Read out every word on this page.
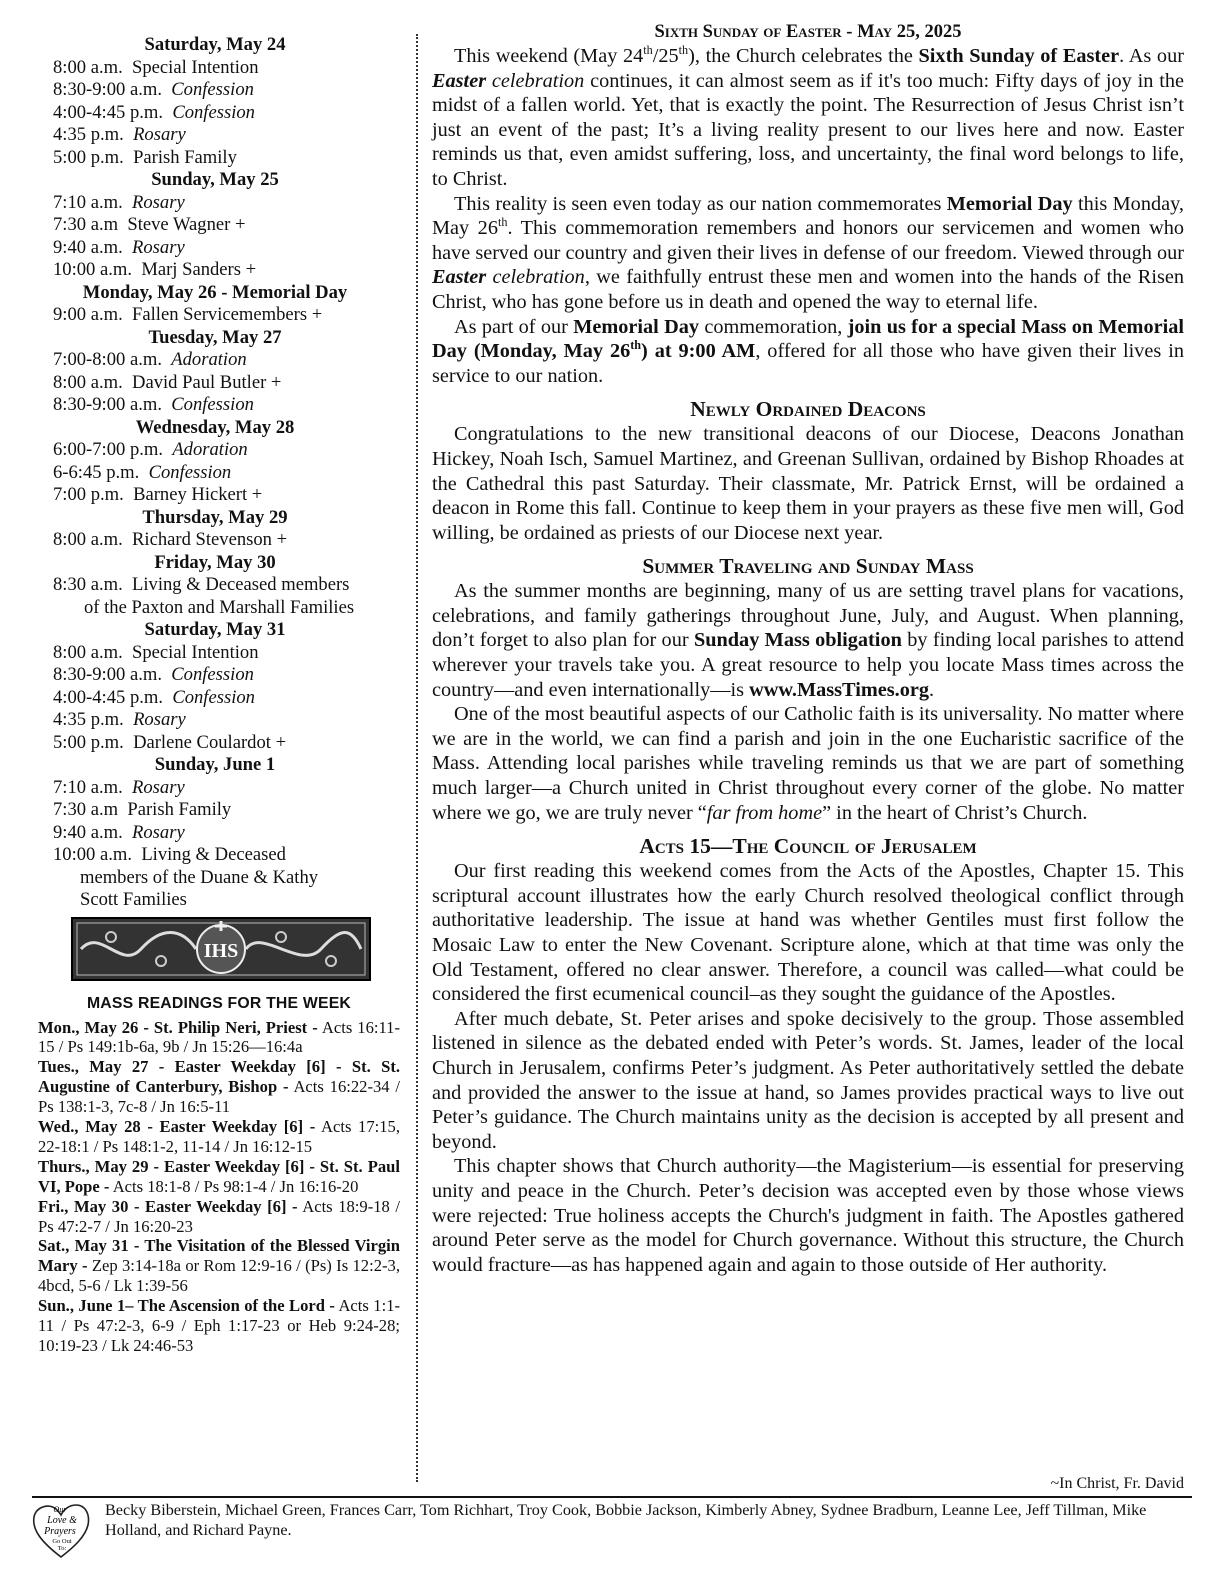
Saturday, May 24
8:00 a.m. Special Intention
8:30-9:00 a.m. Confession
4:00-4:45 p.m. Confession
4:35 p.m. Rosary
5:00 p.m. Parish Family
Sunday, May 25
7:10 a.m. Rosary
7:30 a.m Steve Wagner +
9:40 a.m. Rosary
10:00 a.m. Marj Sanders +
Monday, May 26 - Memorial Day
9:00 a.m. Fallen Servicemembers +
Tuesday, May 27
7:00-8:00 a.m. Adoration
8:00 a.m. David Paul Butler +
8:30-9:00 a.m. Confession
Wednesday, May 28
6:00-7:00 p.m. Adoration
6-6:45 p.m. Confession
7:00 p.m. Barney Hickert +
Thursday, May 29
8:00 a.m. Richard Stevenson +
Friday, May 30
8:30 a.m. Living & Deceased members
of the Paxton and Marshall Families
Saturday, May 31
8:00 a.m. Special Intention
8:30-9:00 a.m. Confession
4:00-4:45 p.m. Confession
4:35 p.m. Rosary
5:00 p.m. Darlene Coulardot +
Sunday, June 1
7:10 a.m. Rosary
7:30 a.m Parish Family
9:40 a.m. Rosary
10:00 a.m. Living & Deceased
members of the Duane & Kathy
Scott Families
IHS
MASS READINGS FOR THE WEEK
Mon., May 26 - St. Philip Neri, Priest - Acts 16:11-15 / Ps 149:1b-6a, 9b / Jn 15:26—16:4a
Tues., May 27 - Easter Weekday [6] - St. St. Augustine of Canterbury, Bishop - Acts 16:22-34 / Ps 138:1-3, 7c-8 / Jn 16:5-11
Wed., May 28 - Easter Weekday [6] - Acts 17:15, 22-18:1 / Ps 148:1-2, 11-14 / Jn 16:12-15
Thurs., May 29 - Easter Weekday [6] - St. St. Paul VI, Pope - Acts 18:1-8 / Ps 98:1-4 / Jn 16:16-20
Fri., May 30 - Easter Weekday [6] - Acts 18:9-18 / Ps 47:2-7 / Jn 16:20-23
Sat., May 31 - The Visitation of the Blessed Virgin Mary - Zep 3:14-18a or Rom 12:9-16 / (Ps) Is 12:2-3, 4bcd, 5-6 / Lk 1:39-56
Sun., June 1– The Ascension of the Lord - Acts 1:1-11 / Ps 47:2-3, 6-9 / Eph 1:17-23 or Heb 9:24-28; 10:19-23 / Lk 24:46-53
Sixth Sunday of Easter - May 25, 2025

This weekend (May 24th/25th), the Church celebrates the Sixth Sunday of Easter. As our Easter celebration continues, it can almost seem as if it's too much: Fifty days of joy in the midst of a fallen world. Yet, that is exactly the point. The Resurrection of Jesus Christ isn’t just an event of the past; It’s a living reality present to our lives here and now. Easter reminds us that, even amidst suffering, loss, and uncertainty, the final word belongs to life, to Christ.

This reality is seen even today as our nation commemorates Memorial Day this Monday, May 26th. This commemoration remembers and honors our servicemen and women who have served our country and given their lives in defense of our freedom. Viewed through our Easter celebration, we faithfully entrust these men and women into the hands of the Risen Christ, who has gone before us in death and opened the way to eternal life.

As part of our Memorial Day commemoration, join us for a special Mass on Memorial Day (Monday, May 26th) at 9:00 AM, offered for all those who have given their lives in service to our nation.

Newly Ordained Deacons

Congratulations to the new transitional deacons of our Diocese, Deacons Jonathan Hickey, Noah Isch, Samuel Martinez, and Greenan Sullivan, ordained by Bishop Rhoades at the Cathedral this past Saturday. Their classmate, Mr. Patrick Ernst, will be ordained a deacon in Rome this fall. Continue to keep them in your prayers as these five men will, God willing, be ordained as priests of our Diocese next year.

Summer Traveling and Sunday Mass

As the summer months are beginning, many of us are setting travel plans for vacations, celebrations, and family gatherings throughout June, July, and August. When planning, don’t forget to also plan for our Sunday Mass obligation by finding local parishes to attend wherever your travels take you. A great resource to help you locate Mass times across the country—and even internationally—is www.MassTimes.org.

One of the most beautiful aspects of our Catholic faith is its universality. No matter where we are in the world, we can find a parish and join in the one Eucharistic sacrifice of the Mass. Attending local parishes while traveling reminds us that we are part of something much larger—a Church united in Christ throughout every corner of the globe. No matter where we go, we are truly never “far from home” in the heart of Christ’s Church.

Acts 15—The Council of Jerusalem

Our first reading this weekend comes from the Acts of the Apostles, Chapter 15. This scriptural account illustrates how the early Church resolved theological conflict through authoritative leadership. The issue at hand was whether Gentiles must first follow the Mosaic Law to enter the New Covenant. Scripture alone, which at that time was only the Old Testament, offered no clear answer. Therefore, a council was called—what could be considered the first ecumenical council–as they sought the guidance of the Apostles.

After much debate, St. Peter arises and spoke decisively to the group. Those assembled listened in silence as the debated ended with Peter’s words. St. James, leader of the local Church in Jerusalem, confirms Peter’s judgment. As Peter authoritatively settled the debate and provided the answer to the issue at hand, so James provides practical ways to live out Peter’s guidance. The Church maintains unity as the decision is accepted by all present and beyond.

This chapter shows that Church authority—the Magisterium—is essential for preserving unity and peace in the Church. Peter’s decision was accepted even by those whose views were rejected: True holiness accepts the Church's judgment in faith. The Apostles gathered around Peter serve as the model for Church governance. Without this structure, the Church would fracture—as has happened again and again to those outside of Her authority.

~In Christ, Fr. David
Our
Love &
Prayers
Go Out
To:
Becky Biberstein, Michael Green, Frances Carr, Tom Richhart, Troy Cook, Bobbie Jackson, Kimberly Abney, Sydnee Bradburn, Leanne Lee, Jeff Tillman, Mike Holland, and Richard Payne.
